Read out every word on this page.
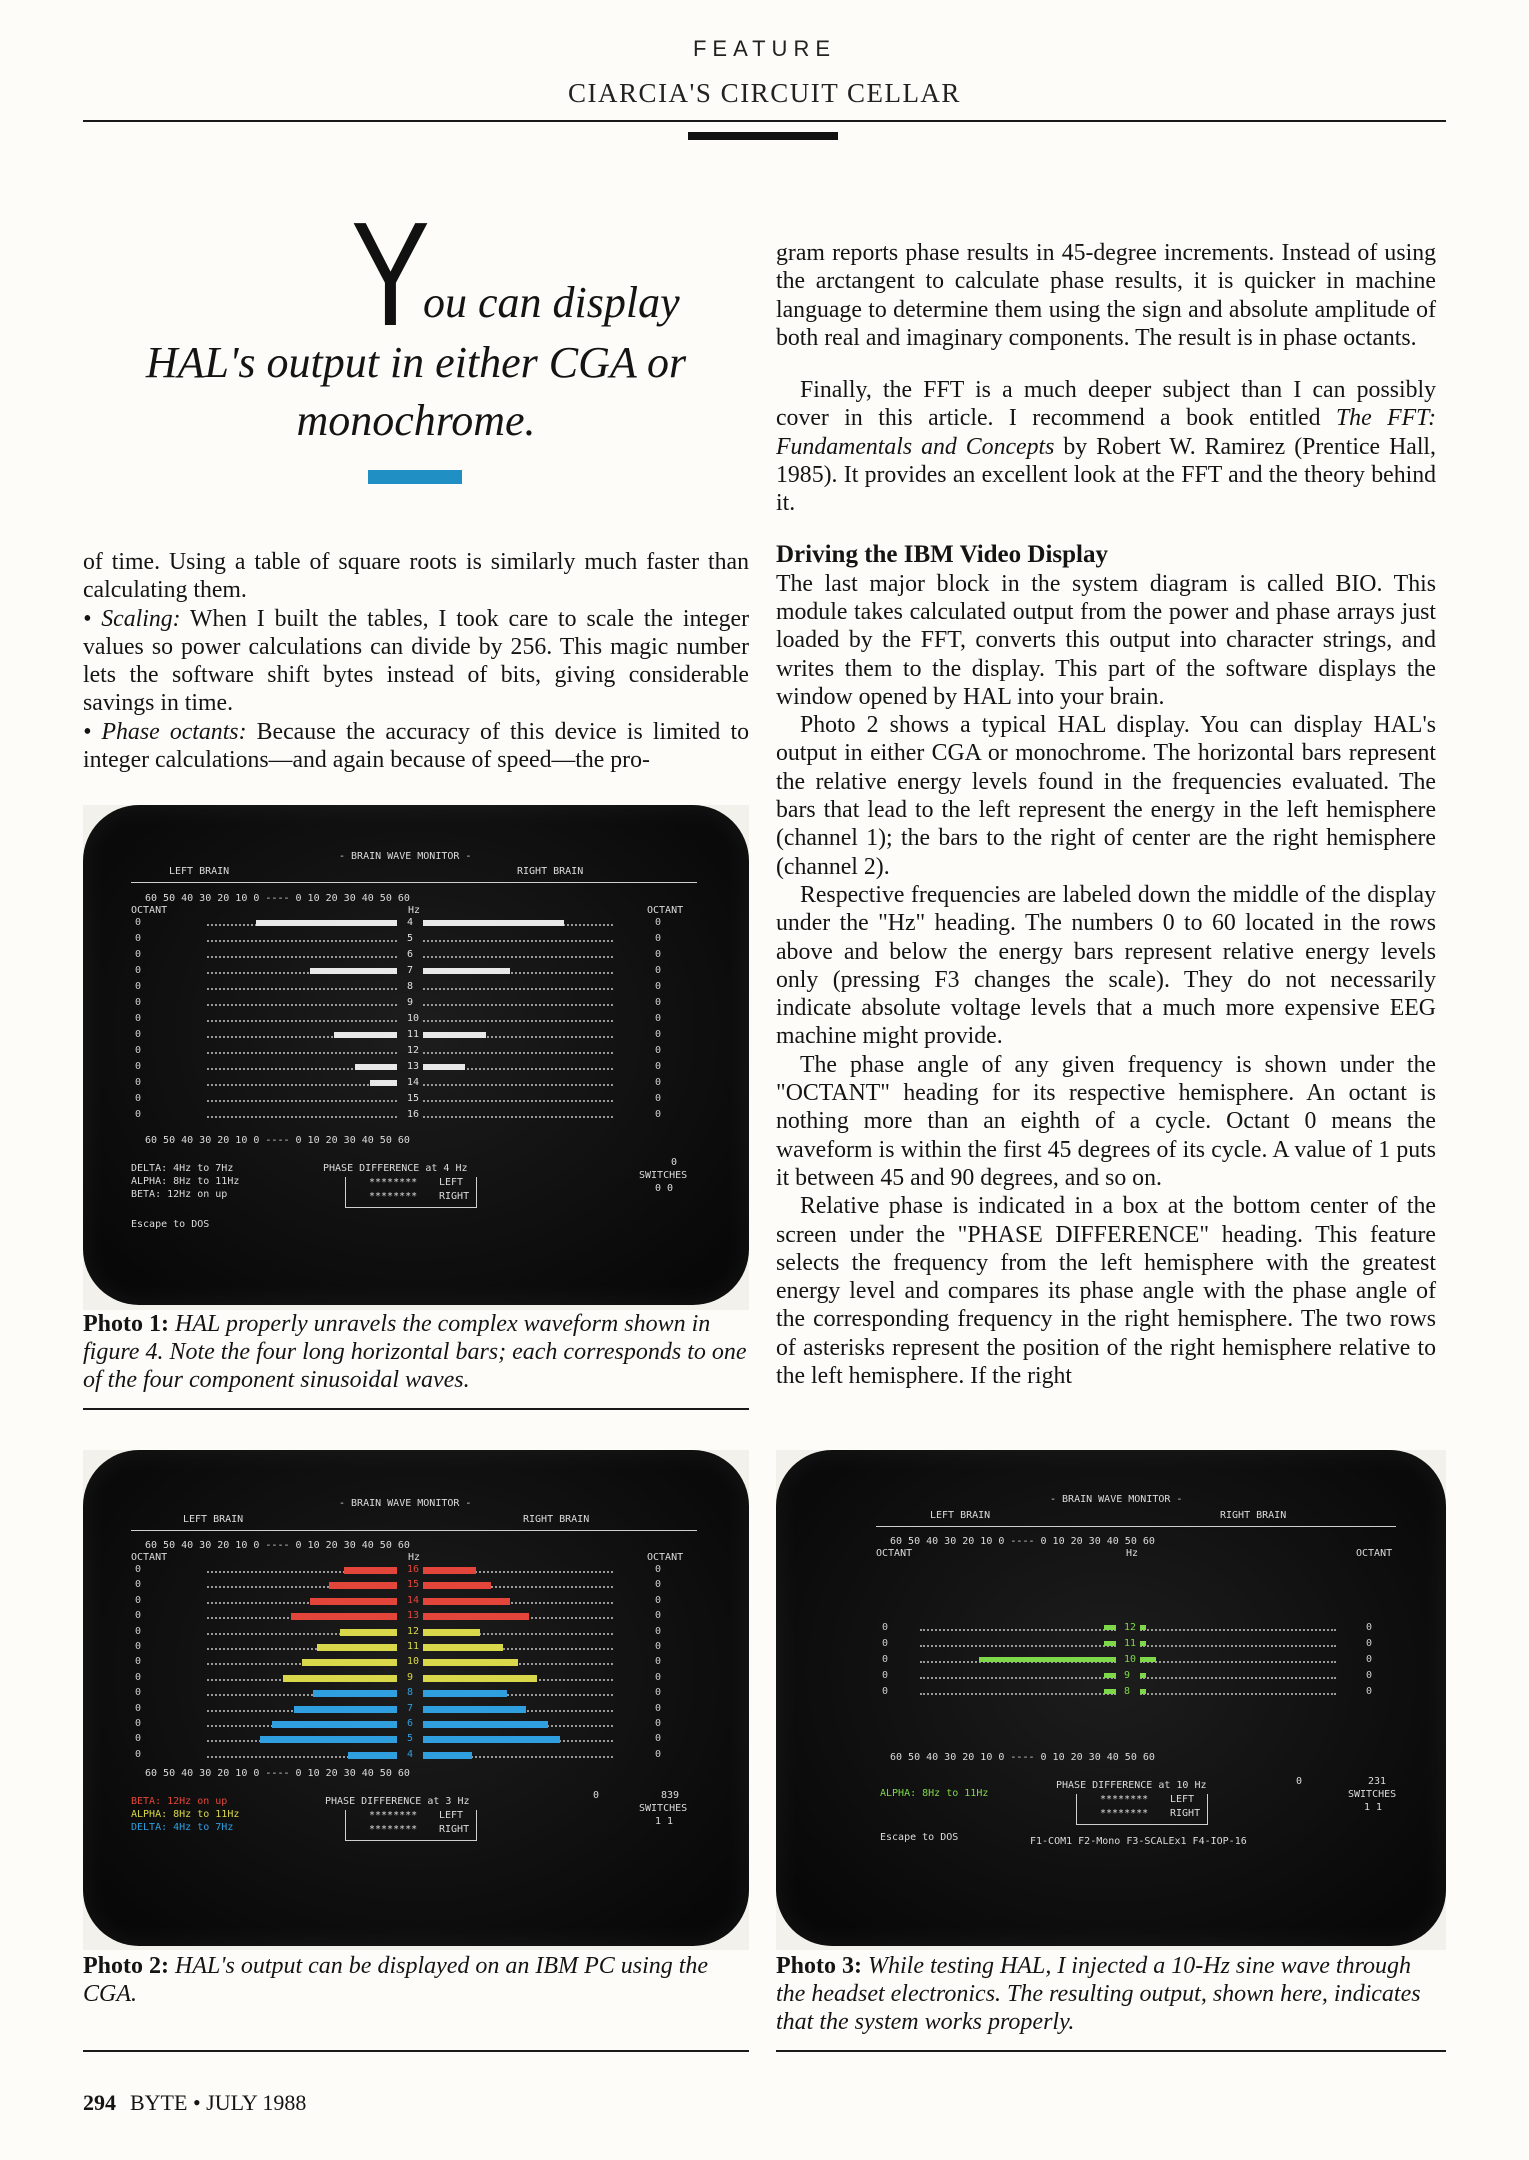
FEATURE
CIARCIA'S CIRCUIT CELLAR
Y
ou can display
HAL's output in either CGA or monochrome.

of time. Using a table of square roots is similarly much faster than calculating them.

• Scaling: When I built the tables, I took care to scale the integer values so power calculations can divide by 256. This magic number lets the software shift bytes instead of bits, giving considerable savings in time.

• Phase octants: Because the accuracy of this device is limited to integer calculations—and again because of speed—the pro-

gram reports phase results in 45-degree increments. Instead of using the arctangent to calculate phase results, it is quicker in machine language to determine them using the sign and absolute amplitude of both real and imaginary components. The result is in phase octants.

Finally, the FFT is a much deeper subject than I can possibly cover in this article. I recommend a book entitled The FFT: Fundamentals and Concepts by Robert W. Ramirez (Prentice Hall, 1985). It provides an excellent look at the FFT and the theory behind it.

Driving the IBM Video Display

The last major block in the system diagram is called BIO. This module takes calculated output from the power and phase arrays just loaded by the FFT, converts this output into character strings, and writes them to the display. This part of the software displays the window opened by HAL into your brain.

Photo 2 shows a typical HAL display. You can display HAL's output in either CGA or monochrome. The horizontal bars represent the relative energy levels found in the frequencies evaluated. The bars that lead to the left represent the energy in the left hemisphere (channel 1); the bars to the right of center are the right hemisphere (channel 2).

Respective frequencies are labeled down the middle of the display under the "Hz" heading. The numbers 0 to 60 located in the rows above and below the energy bars represent relative energy levels only (pressing F3 changes the scale). They do not necessarily indicate absolute voltage levels that a much more expensive EEG machine might provide.

The phase angle of any given frequency is shown under the "OCTANT" heading for its respective hemisphere. An octant is nothing more than an eighth of a cycle. Octant 0 means the waveform is within the first 45 degrees of its cycle. A value of 1 puts it between 45 and 90 degrees, and so on.

Relative phase is indicated in a box at the bottom center of the screen under the "PHASE DIFFERENCE" heading. This feature selects the frequency from the left hemisphere with the greatest energy level and compares its phase angle with the phase angle of the corresponding frequency in the right hemisphere. The two rows of asterisks represent the position of the right hemisphere relative to the left hemisphere. If the right

- BRAIN WAVE MONITOR -
LEFT BRAIN	RIGHT BRAIN
60 50 40 30 20 10 0 ---- 0 10 20 30 40 50 60
OCTANT	OCTANT
Hz
4
0	0
5
0	0
6
0	0
7
0	0
8
0	0
9
0	0
10
0	0
11
0	0
12
0	0
13
0	0
14
0	0
15
0	0
16
0	0
60 50 40 30 20 10 0 ---- 0 10 20 30 40 50 60
DELTA: 4Hz to 7Hz
ALPHA: 8Hz to 11Hz
BETA: 12Hz on up
PHASE DIFFERENCE at 4 Hz
********
********
LEFT
RIGHT
0
SWITCHES
0 0
Escape to DOS
Photo 1: HAL properly unravels the complex waveform shown in figure 4. Note the four long horizontal bars; each corresponds to one of the four component sinusoidal waves.
- BRAIN WAVE MONITOR -
LEFT BRAIN	RIGHT BRAIN
60 50 40 30 20 10 0 ---- 0 10 20 30 40 50 60
OCTANT	OCTANT
Hz
16
0	0
15
0	0
14
0	0
13
0	0
12
0	0
11
0	0
10
0	0
9
0	0
8
0	0
7
0	0
6
0	0
5
0	0
4
0	0
60 50 40 30 20 10 0 ---- 0 10 20 30 40 50 60
BETA: 12Hz on up
ALPHA: 8Hz to 11Hz
DELTA: 4Hz to 7Hz
PHASE DIFFERENCE at 3 Hz
********
********
LEFT
RIGHT
0	839
SWITCHES
1 1
Photo 2: HAL's output can be displayed on an IBM PC using the CGA.
- BRAIN WAVE MONITOR -
LEFT BRAIN	RIGHT BRAIN
60 50 40 30 20 10 0 ---- 0 10 20 30 40 50 60
OCTANT	OCTANT
Hz
12
0	0
11
0	0
10
0	0
9
0	0
8
0	0
60 50 40 30 20 10 0 ---- 0 10 20 30 40 50 60
ALPHA: 8Hz to 11Hz
PHASE DIFFERENCE at 10 Hz
********
********
LEFT
RIGHT
0	231
SWITCHES
1 1
Escape to DOS	F1-COM1 F2-Mono F3-SCALEx1 F4-IOP-16
Photo 3: While testing HAL, I injected a 10-Hz sine wave through the headset electronics. The resulting output, shown here, indicates that the system works properly.
294 BYTE • JULY 1988
